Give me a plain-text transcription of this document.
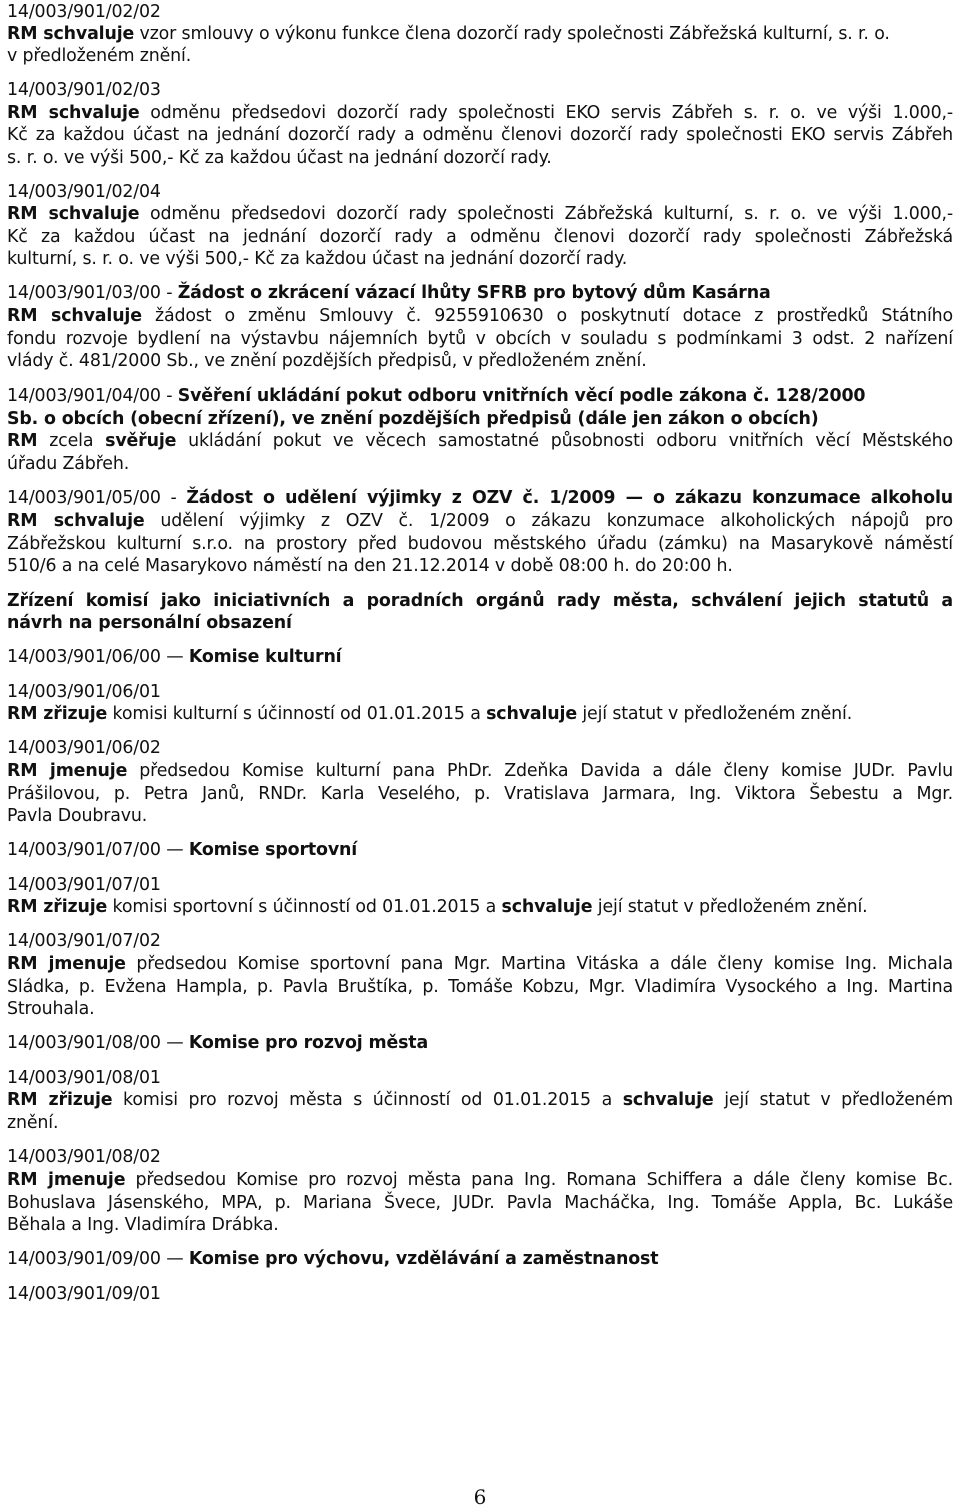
14/003/901/02/02
RM schvaluje vzor smlouvy o výkonu funkce člena dozorčí rady společnosti Zábřežská kulturní, s. r. o.
v předloženém znění.
14/003/901/02/03
RM schvaluje odměnu předsedovi dozorčí rady společnosti EKO servis Zábřeh s. r. o. ve výši 1.000,-
Kč za každou účast na jednání dozorčí rady a odměnu členovi dozorčí rady společnosti EKO servis Zábřeh
s. r. o. ve výši 500,- Kč za každou účast na jednání dozorčí rady.
14/003/901/02/04
RM schvaluje odměnu předsedovi dozorčí rady společnosti Zábřežská kulturní, s. r. o. ve výši 1.000,-
Kč za každou účast na jednání dozorčí rady a odměnu členovi dozorčí rady společnosti Zábřežská
kulturní, s. r. o. ve výši 500,- Kč za každou účast na jednání dozorčí rady.
14/003/901/03/00 - Žádost o zkrácení vázací lhůty SFRB pro bytový dům Kasárna
RM schvaluje žádost o změnu Smlouvy č. 9255910630 o poskytnutí dotace z prostředků Státního
fondu rozvoje bydlení na výstavbu nájemních bytů v obcích v souladu s podmínkami 3 odst. 2 nařízení
vlády č. 481/2000 Sb., ve znění pozdějších předpisů, v předloženém znění.
14/003/901/04/00 - Svěření ukládání pokut odboru vnitřních věcí podle zákona č. 128/2000
Sb. o obcích (obecní zřízení), ve znění pozdějších předpisů (dále jen zákon o obcích)
RM zcela svěřuje ukládání pokut ve věcech samostatné působnosti odboru vnitřních věcí Městského
úřadu Zábřeh.
14/003/901/05/00 - Žádost o udělení výjimky z OZV č. 1/2009 — o zákazu konzumace alkoholu
RM schvaluje udělení výjimky z OZV č. 1/2009 o zákazu konzumace alkoholických nápojů pro
Zábřežskou kulturní s.r.o. na prostory před budovou městského úřadu (zámku) na Masarykově náměstí
510/6 a na celé Masarykovo náměstí na den 21.12.2014 v době 08:00 h. do 20:00 h.
Zřízení komisí jako iniciativních a poradních orgánů rady města, schválení jejich statutů a
návrh na personální obsazení
14/003/901/06/00 — Komise kulturní
14/003/901/06/01
RM zřizuje komisi kulturní s účinností od 01.01.2015 a schvaluje její statut v předloženém znění.
14/003/901/06/02
RM jmenuje předsedou Komise kulturní pana PhDr. Zdeňka Davida a dále členy komise JUDr. Pavlu
Prášilovou, p. Petra Janů, RNDr. Karla Veselého, p. Vratislava Jarmara, Ing. Viktora Šebestu a Mgr.
Pavla Doubravu.
14/003/901/07/00 — Komise sportovní
14/003/901/07/01
RM zřizuje komisi sportovní s účinností od 01.01.2015 a schvaluje její statut v předloženém znění.
14/003/901/07/02
RM jmenuje předsedou Komise sportovní pana Mgr. Martina Vitáska a dále členy komise Ing. Michala
Sládka, p. Evžena Hampla, p. Pavla Bruštíka, p. Tomáše Kobzu, Mgr. Vladimíra Vysockého a Ing. Martina
Strouhala.
14/003/901/08/00 — Komise pro rozvoj města
14/003/901/08/01
RM zřizuje komisi pro rozvoj města s účinností od 01.01.2015 a schvaluje její statut v předloženém
znění.
14/003/901/08/02
RM jmenuje předsedou Komise pro rozvoj města pana Ing. Romana Schiffera a dále členy komise Bc.
Bohuslava Jásenského, MPA, p. Mariana Švece, JUDr. Pavla Macháčka, Ing. Tomáše Appla, Bc. Lukáše
Běhala a Ing. Vladimíra Drábka.
14/003/901/09/00 — Komise pro výchovu, vzdělávání a zaměstnanost
14/003/901/09/01
6
